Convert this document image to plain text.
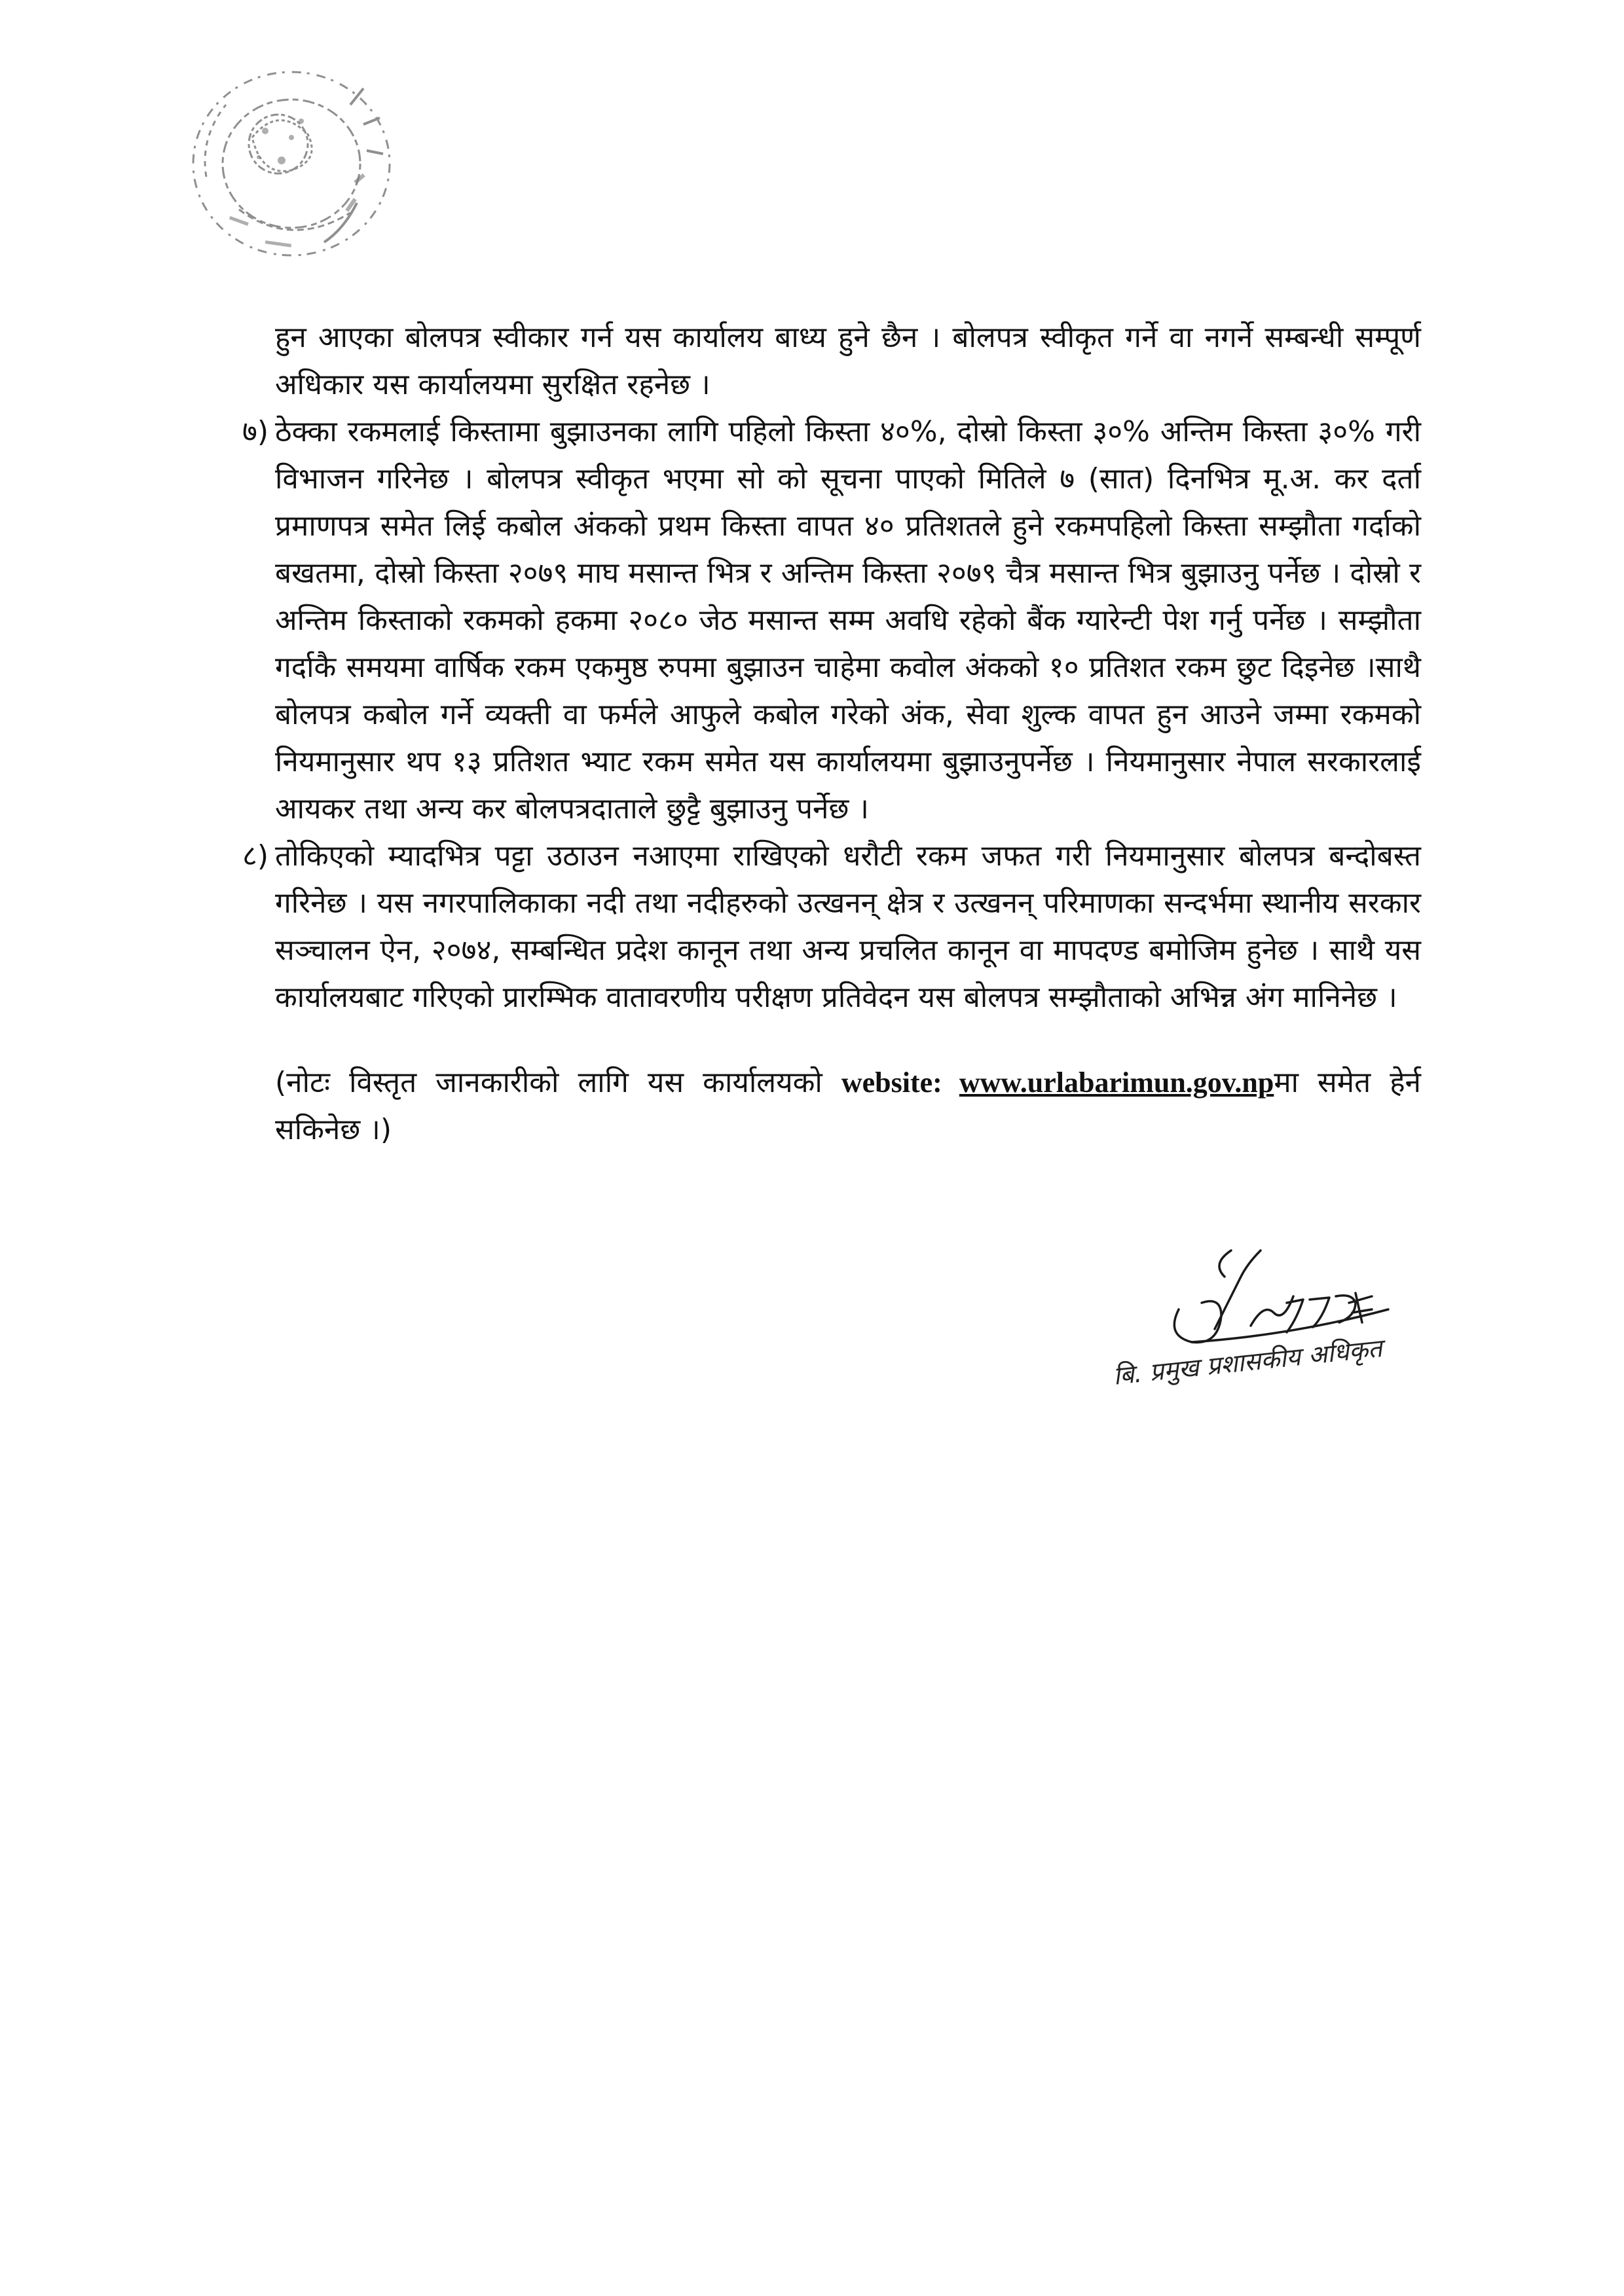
हुन आएका बोलपत्र स्वीकार गर्न यस कार्यालय बाध्य हुने छैन । बोलपत्र स्वीकृत गर्ने वा नगर्ने सम्बन्धी सम्पूर्ण अधिकार यस कार्यालयमा सुरक्षित रहनेछ ।

७) ठेक्का रकमलाई किस्तामा बुझाउनका लागि पहिलो किस्ता ४०%, दोस्रो किस्ता ३०% अन्तिम किस्ता ३०% गरी विभाजन गरिनेछ । बोलपत्र स्वीकृत भएमा सो को सूचना पाएको मितिले ७ (सात) दिनभित्र मू.अ. कर दर्ता प्रमाणपत्र समेत लिई कबोल अंकको प्रथम किस्ता वापत ४० प्रतिशतले हुने रकमपहिलो किस्ता सम्झौता गर्दाको बखतमा, दोस्रो किस्ता २०७९ माघ मसान्त भित्र र अन्तिम किस्ता २०७९ चैत्र मसान्त भित्र बुझाउनु पर्नेछ । दोस्रो र अन्तिम किस्ताको रकमको हकमा २०८० जेठ मसान्त सम्म अवधि रहेको बैंक ग्यारेन्टी पेश गर्नु पर्नेछ । सम्झौता गर्दाकै समयमा वार्षिक रकम एकमुष्ठ रुपमा बुझाउन चाहेमा कवोल अंकको १० प्रतिशत रकम छुट दिइनेछ ।साथै बोलपत्र कबोल गर्ने व्यक्ती वा फर्मले आफुले कबोल गरेको अंक, सेवा शुल्क वापत हुन आउने जम्मा रकमको नियमानुसार थप १३ प्रतिशत भ्याट रकम समेत यस कार्यालयमा बुझाउनुपर्नेछ । नियमानुसार नेपाल सरकारलाई आयकर तथा अन्य कर बोलपत्रदाताले छुट्टै बुझाउनु पर्नेछ ।

८) तोकिएको म्यादभित्र पट्टा उठाउन नआएमा राखिएको धरौटी रकम जफत गरी नियमानुसार बोलपत्र बन्दोबस्त गरिनेछ । यस नगरपालिकाका नदी तथा नदीहरुको उत्खनन् क्षेत्र र उत्खनन् परिमाणका सन्दर्भमा स्थानीय सरकार सञ्चालन ऐन, २०७४, सम्बन्धित प्रदेश कानून तथा अन्य प्रचलित कानून वा मापदण्ड बमोजिम हुनेछ । साथै यस कार्यालयबाट गरिएको प्रारम्भिक वातावरणीय परीक्षण प्रतिवेदन यस बोलपत्र सम्झौताको अभिन्न अंग मानिनेछ ।

(नोटः विस्तृत जानकारीको लागि यस कार्यालयको website: www.urlabarimun.gov.npमा समेत हेर्न सकिनेछ ।)

बि. प्रमुख प्रशासकीय अधिकृत
